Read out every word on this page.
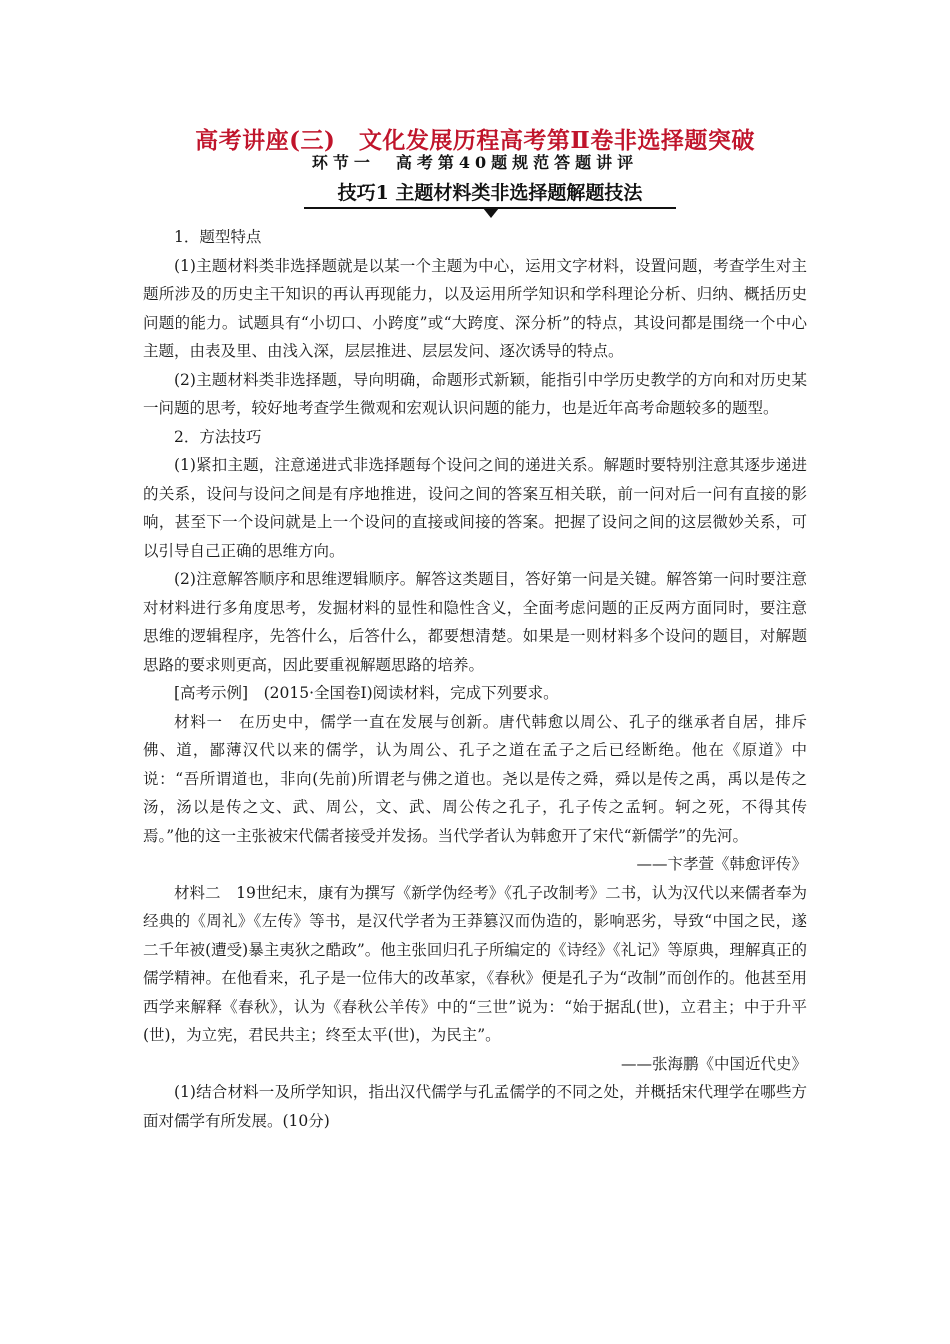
高考讲座(三)　文化发展历程高考第Ⅱ卷非选择题突破
环节一　高考第40题规范答题讲评
技巧1 主题材料类非选择题解题技法

1．题型特点

(1)主题材料类非选择题就是以某一个主题为中心，运用文字材料，设置问题，考查学生对主题所涉及的历史主干知识的再认再现能力，以及运用所学知识和学科理论分析、归纳、概括历史问题的能力。试题具有“小切口、小跨度”或“大跨度、深分析”的特点，其设问都是围绕一个中心主题，由表及里、由浅入深，层层推进、层层发问、逐次诱导的特点。

(2)主题材料类非选择题，导向明确，命题形式新颖，能指引中学历史教学的方向和对历史某一问题的思考，较好地考查学生微观和宏观认识问题的能力，也是近年高考命题较多的题型。

2．方法技巧

(1)紧扣主题，注意递进式非选择题每个设问之间的递进关系。解题时要特别注意其逐步递进的关系，设问与设问之间是有序地推进，设问之间的答案互相关联，前一问对后一问有直接的影响，甚至下一个设问就是上一个设问的直接或间接的答案。把握了设问之间的这层微妙关系，可以引导自己正确的思维方向。

(2)注意解答顺序和思维逻辑顺序。解答这类题目，答好第一问是关键。解答第一问时要注意对材料进行多角度思考，发掘材料的显性和隐性含义，全面考虑问题的正反两方面同时，要注意思维的逻辑程序，先答什么，后答什么，都要想清楚。如果是一则材料多个设问的题目，对解题思路的要求则更高，因此要重视解题思路的培养。

[高考示例]　(2015·全国卷Ⅰ)阅读材料，完成下列要求。

材料一　在历史中，儒学一直在发展与创新。唐代韩愈以周公、孔子的继承者自居，排斥佛、道，鄙薄汉代以来的儒学，认为周公、孔子之道在孟子之后已经断绝。他在《原道》中说：“吾所谓道也，非向(先前)所谓老与佛之道也。尧以是传之舜，舜以是传之禹，禹以是传之汤，汤以是传之文、武、周公，文、武、周公传之孔子，孔子传之孟轲。轲之死，不得其传焉。”他的这一主张被宋代儒者接受并发扬。当代学者认为韩愈开了宋代“新儒学”的先河。

——卞孝萱《韩愈评传》

材料二　19世纪末，康有为撰写《新学伪经考》《孔子改制考》二书，认为汉代以来儒者奉为经典的《周礼》《左传》等书，是汉代学者为王莽篡汉而伪造的，影响恶劣，导致“中国之民，遂二千年被(遭受)暴主夷狄之酷政”。他主张回归孔子所编定的《诗经》《礼记》等原典，理解真正的儒学精神。在他看来，孔子是一位伟大的改革家，《春秋》便是孔子为“改制”而创作的。他甚至用西学来解释《春秋》，认为《春秋公羊传》中的“三世”说为：“始于据乱(世)，立君主；中于升平(世)，为立宪，君民共主；终至太平(世)，为民主”。

——张海鹏《中国近代史》

(1)结合材料一及所学知识，指出汉代儒学与孔孟儒学的不同之处，并概括宋代理学在哪些方面对儒学有所发展。(10分)
